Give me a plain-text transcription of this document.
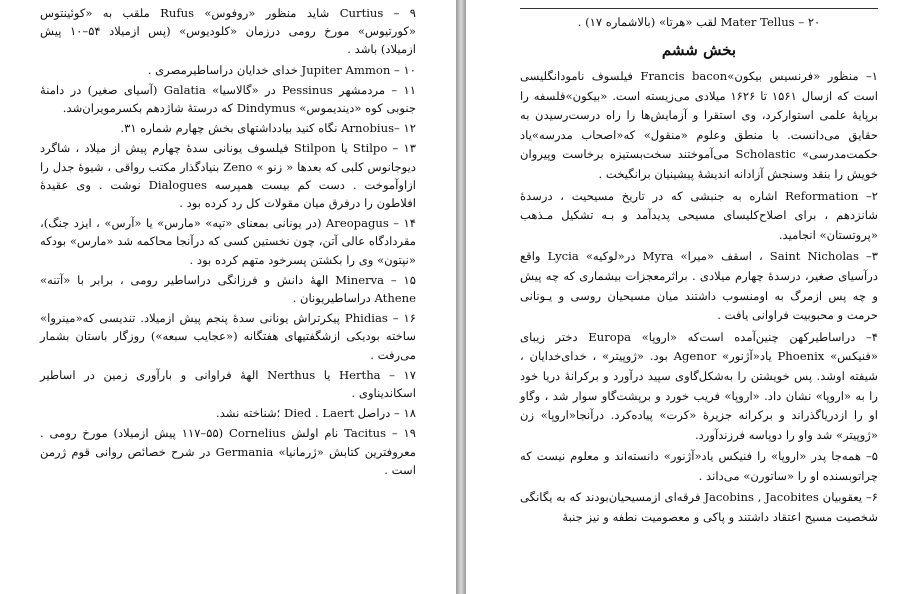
۹ – Curtius شاید منظور «روفوس» Rufus ملقب به «کوئینتوس «کورتیوس» مورخ رومی درزمان «کلودیوس» (پس ازمیلاد ۵۴–۱۰ پیش ازمیلاد) باشد .

۱۰ – Jupiter Ammon خدای خدایان دراساطیرمصری .

۱۱ – مردمشهر Pessinus در «گالاسیا» Galatia (آسیای صغیر) در دامنهٔ جنوبی کوه «دیندیموس» Dindymus که درستهٔ شاژدهم بکسرمویران‌شد.

۱۲ –Arnobius نگاه کنید بیادداشتهای بخش چهارم شماره ۳۱.

۱۳ – Stilpo یا Stilpon فیلسوف یونانی سدهٔ چهارم پیش از میلاد ، شاگرد دیوجانوس کلبی که بعدها « زنو » Zeno بنیادگذار مکتب رواقی ، شیوهٔ جدل را ازاوآموخت . دست کم بیست همپرسه Dialogues نوشت . وی عقیدهٔ افلاطون را درفرق میان مقولات کل رد کرده بود .

۱۴ – Areopagus (در یونانی بمعنای «تپه» «مارس» یا «آرس» ، ایزد جنگ)، مقردادگاه عالی آتن، چون نخستین کسی که درآنجا محاکمه شد «مارس» بودکه «نپتون» وی را بکشتن پسرخود متهم کرده بود .

۱۵ – Minerva الههٔ دانش و فرزانگی دراساطیر رومی ، برابر با «آتنه» Athene دراساطیریونان .

۱۶ – Phidias پیکرتراش یونانی سدهٔ پنجم پیش ازمیلاد. تندیسی که«مینروا» ساخته بودیکی ازشگفتیهای هفتگانه («عجایب سبعه») روزگار باستان بشمار می‌رفت .

۱۷ – Hertha یا Nerthus الههٔ فراوانی و بارآوری زمین در اساطیر اسکاندیناوی .

۱۸ – دراصل Died . Laert ؛شناخته نشد.

۱۹ – Tacitus نام اولش Cornelius (۱۱۷–۵۵ پیش ازمیلاد) مورخ رومی . معروفترین کتابش «ژرمانیا» Germania در شرح خصائص روانی قوم ژرمن است .

۲۰ – Mater Tellus لقب «هرتا» (بالاشماره ۱۷) .
بخش ششم

۱– منظور «فرنسیس بیکون»Francis bacon فیلسوف نامودانگلیسی است که ازسال ۱۵۶۱ تا ۱۶۲۶ میلادی می‌زیسته است. «بیکون»فلسفه را برپایهٔ علمی استوارکرد، وی استقرا و آزمایش‌ها را راه درست‌رسیدن به حقایق می‌دانست. با منطق وعلوم «منقول» که«اصحاب مدرسه»یاد حکمت‌مدرسی» Scholastic می‌آموختند سخت‌بستیزه برخاست وپیروان خویش را بنقد وسنجش آزادانه اندیشهٔ پیشینیان برانگیخت .

۲– Reformation اشاره به جنبشی که در تاریخ مسیحیت ، درسدهٔ شانزدهم ، برای اصلاح‌کلیسای مسیحی پدیدآمد و بـه تشکیل مـذهب «پروتستان» انجامید.

۳– Saint Nicholas ، اسقف «میرا» Myra در«لوکیه» Lycia واقع درآسیای صغیر، درسدهٔ چهارم میلادی . براثرمعجزات بیشماری‌ که چه پیش و چه پس ازمرگ به اومنسوب داشتند میان مسیحیان روسی و یـونانی حرمت و محبوبیت فراوانی یافت .

۴– دراساطیرکهن چنین‌آمده است‌که «اروپا» Europa دختر زیبای «فنیکس» Phoenix یاد«آژنور» Agenor بود. «ژوپیتر» ، خدای‌خدایان ، شیفته اوشد. پس خویشتن را به‌شکل‌گاوی سپید درآورد و برکرانهٔ دریا خود را به «اروپا» نشان داد. «اروپا» فریب خورد و برپشت‌گاو سوار شد ، وگاو او را ازدریاگذراند و برکرانه جزیرهٔ «کرت» پیاده‌کرد. درآنجا«اروپا» زن «ژوپیتر» شد واو را دوپاسه فرزندآورد.

۵– همه‌جا پدر «اروپا» را فنیکس یاد«آژنور» دانسته‌اند و معلوم نیست که چراتوبسنده او را «ساتورن» می‌داند .

۶– یعقوبیان Jacobins , Jacobites فرقه‌ای ازمسیحیان‌بودند که به یگانگی شخصیت مسیح اعتقاد داشتند و پاکی و معصومیت نطفه و نیز جنبهٔ
